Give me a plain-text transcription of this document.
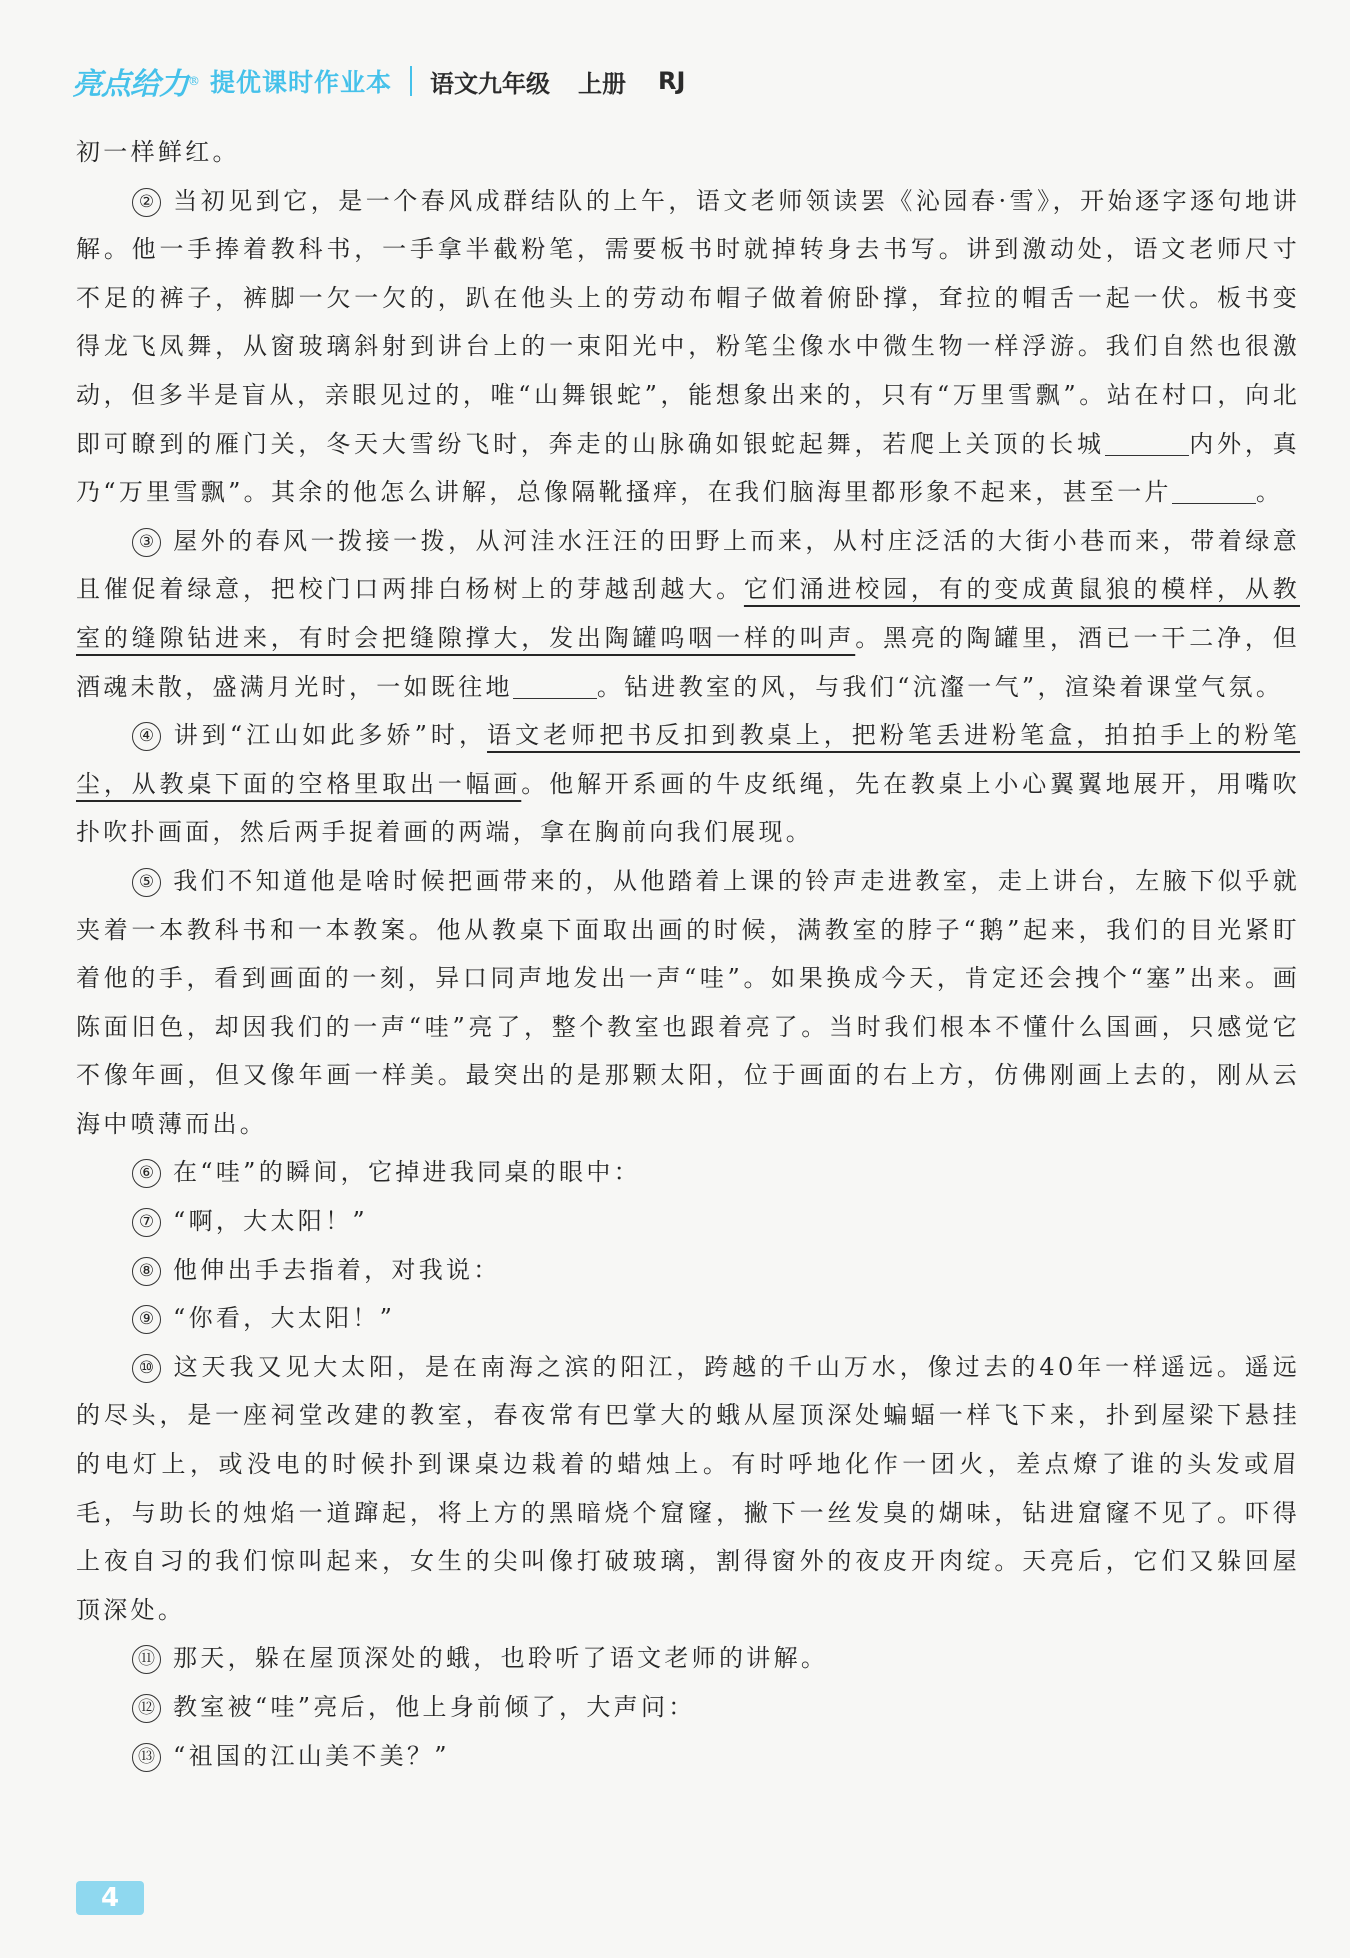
亮点给力 ® 提优课时作业本 语文九年级 上册 RJ

初一样鲜红。

② 当初见到它，是一个春风成群结队的上午，语文老师领读罢《沁园春·雪》，开始逐字逐句地讲解。他一手捧着教科书，一手拿半截粉笔，需要板书时就掉转身去书写。讲到激动处，语文老师尺寸不足的裤子，裤脚一欠一欠的，趴在他头上的劳动布帽子做着俯卧撑，耷拉的帽舌一起一伏。板书变得龙飞凤舞，从窗玻璃斜射到讲台上的一束阳光中，粉笔尘像水中微生物一样浮游。我们自然也很激动，但多半是盲从，亲眼见过的，唯“山舞银蛇”，能想象出来的，只有“万里雪飘”。站在村口，向北即可瞭到的雁门关，冬天大雪纷飞时，奔走的山脉确如银蛇起舞，若爬上关顶的长城	内外，真乃“万里雪飘”。其余的他怎么讲解，总像隔靴搔痒，在我们脑海里都形象不起来，甚至一片	。

③ 屋外的春风一拨接一拨，从河洼水汪汪的田野上而来，从村庄泛活的大街小巷而来，带着绿意且催促着绿意，把校门口两排白杨树上的芽越刮越大。它们涌进校园，有的变成黄鼠狼的模样，从教室的缝隙钻进来，有时会把缝隙撑大，发出陶罐呜咽一样的叫声。黑亮的陶罐里，酒已一干二净，但酒魂未散，盛满月光时，一如既往地	。钻进教室的风，与我们“沆瀣一气”，渲染着课堂气氛。

④ 讲到“江山如此多娇”时，语文老师把书反扣到教桌上，把粉笔丢进粉笔盒，拍拍手上的粉笔尘，从教桌下面的空格里取出一幅画。他解开系画的牛皮纸绳，先在教桌上小心翼翼地展开，用嘴吹扑吹扑画面，然后两手捉着画的两端，拿在胸前向我们展现。

⑤ 我们不知道他是啥时候把画带来的，从他踏着上课的铃声走进教室，走上讲台，左腋下似乎就夹着一本教科书和一本教案。他从教桌下面取出画的时候，满教室的脖子“鹅”起来，我们的目光紧盯着他的手，看到画面的一刻，异口同声地发出一声“哇”。如果换成今天，肯定还会拽个“塞”出来。画陈面旧色，却因我们的一声“哇”亮了，整个教室也跟着亮了。当时我们根本不懂什么国画，只感觉它不像年画，但又像年画一样美。最突出的是那颗太阳，位于画面的右上方，仿佛刚画上去的，刚从云海中喷薄而出。

⑥ 在“哇”的瞬间，它掉进我同桌的眼中：

⑦ “啊，大太阳！”

⑧ 他伸出手去指着，对我说：

⑨ “你看，大太阳！”

⑩ 这天我又见大太阳，是在南海之滨的阳江，跨越的千山万水，像过去的40年一样遥远。遥远的尽头，是一座祠堂改建的教室，春夜常有巴掌大的蛾从屋顶深处蝙蝠一样飞下来，扑到屋梁下悬挂的电灯上，或没电的时候扑到课桌边栽着的蜡烛上。有时呼地化作一团火，差点燎了谁的头发或眉毛，与助长的烛焰一道蹿起，将上方的黑暗烧个窟窿，撇下一丝发臭的煳味，钻进窟窿不见了。吓得上夜自习的我们惊叫起来，女生的尖叫像打破玻璃，割得窗外的夜皮开肉绽。天亮后，它们又躲回屋顶深处。

⑪ 那天，躲在屋顶深处的蛾，也聆听了语文老师的讲解。

⑫ 教室被“哇”亮后，他上身前倾了，大声问：

⑬ “祖国的江山美不美？”

4
